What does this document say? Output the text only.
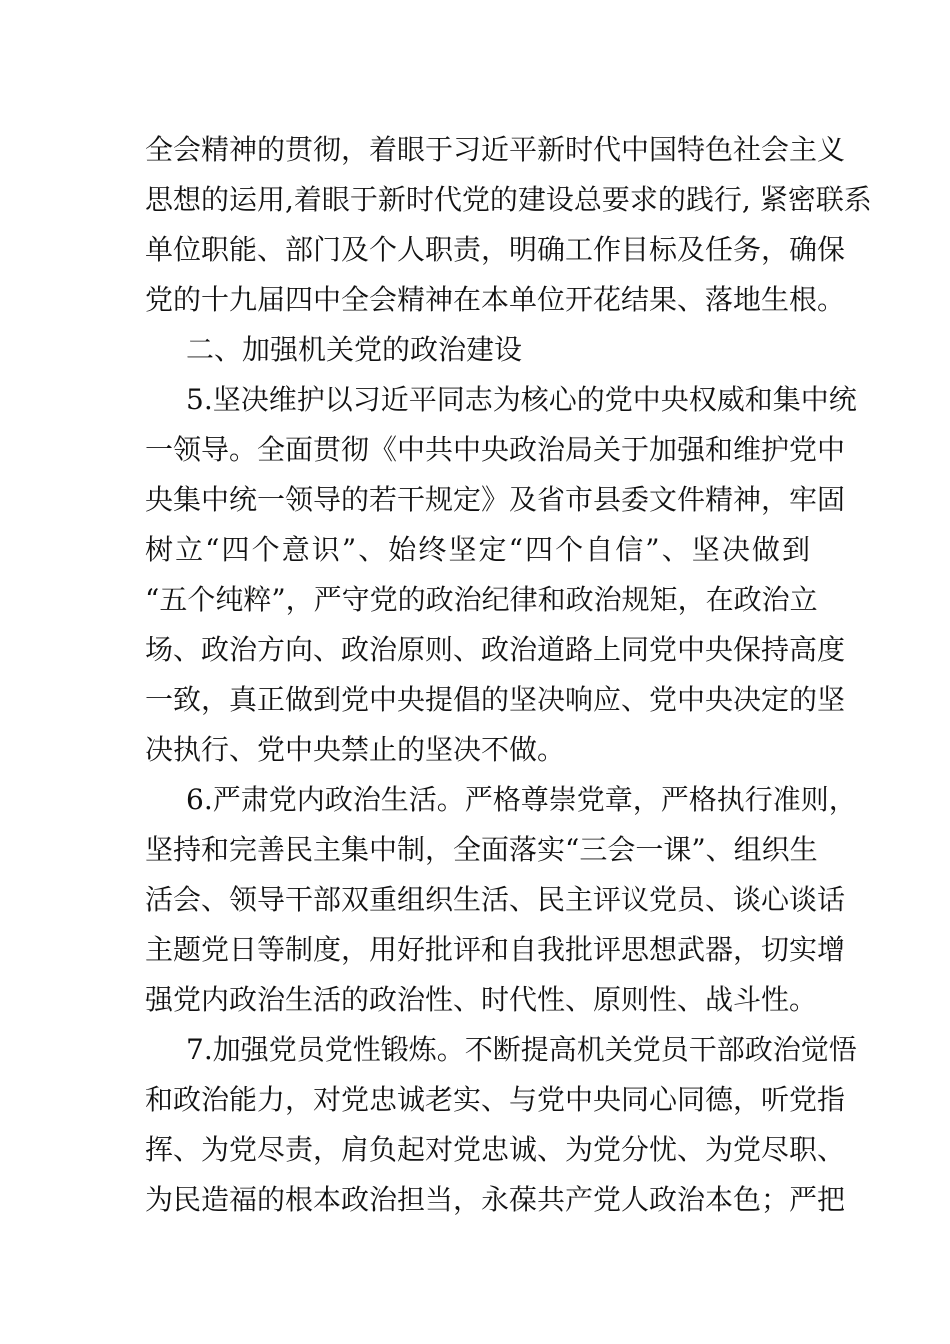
全会精神的贯彻，着眼于习近平新时代中国特色社会主义
思想的运用,着眼于新时代党的建设总要求的践行, 紧密联系
单位职能、部门及个人职责，明确工作目标及任务，确保
党的十九届四中全会精神在本单位开花结果、落地生根。
二、加强机关党的政治建设
5.坚决维护以习近平同志为核心的党中央权威和集中统
一领导。全面贯彻《中共中央政治局关于加强和维护党中
央集中统一领导的若干规定》及省市县委文件精神，牢固
树立“四个意识”、始终坚定“四个自信”、坚决做到
“五个纯粹”，严守党的政治纪律和政治规矩，在政治立
场、政治方向、政治原则、政治道路上同党中央保持高度
一致，真正做到党中央提倡的坚决响应、党中央决定的坚
决执行、党中央禁止的坚决不做。
6.严肃党内政治生活。严格尊崇党章，严格执行准则，
坚持和完善民主集中制，全面落实“三会一课”、组织生
活会、领导干部双重组织生活、民主评议党员、谈心谈话
主题党日等制度，用好批评和自我批评思想武器，切实增
强党内政治生活的政治性、时代性、原则性、战斗性。
7.加强党员党性锻炼。不断提高机关党员干部政治觉悟
和政治能力，对党忠诚老实、与党中央同心同德，听党指
挥、为党尽责，肩负起对党忠诚、为党分忧、为党尽职、
为民造福的根本政治担当，永葆共产党人政治本色；严把
